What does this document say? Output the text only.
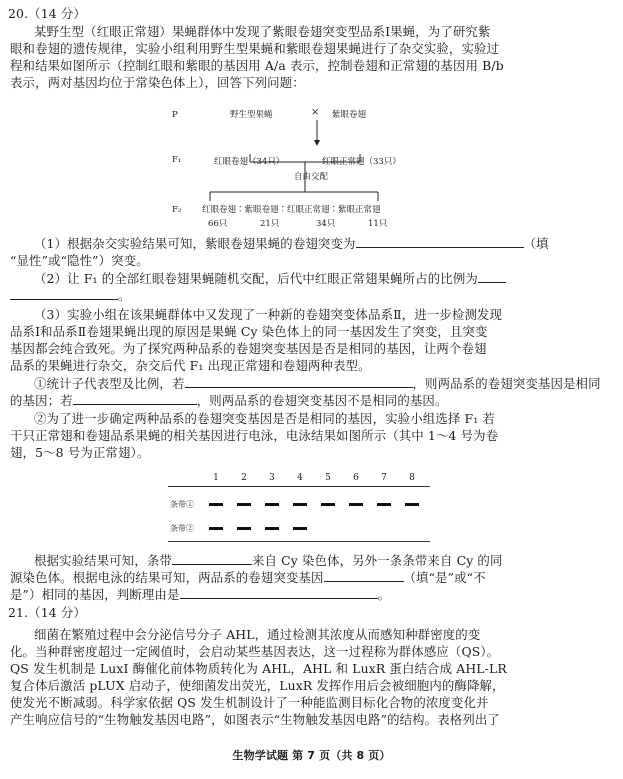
20.（14 分）
某野生型（红眼正常翅）果蝇群体中发现了紫眼卷翅突变型品系Ⅰ果蝇，为了研究紫
眼和卷翅的遗传规律，实验小组利用野生型果蝇和紫眼卷翅果蝇进行了杂交实验，实验过
程和结果如图所示（控制红眼和紫眼的基因用 A/a 表示，控制卷翅和正常翅的基因用 B/b
表示，两对基因均位于常染色体上），回答下列问题：
P	野生型果蝇	× 紫眼卷翅
F₁	红眼卷翅（34只）	红眼正常翅（33只）
自由交配
F₂ 红眼卷翅∶紫眼卷翅∶红眼正常翅∶紫眼正常翅
66只	21只	34只	11只
（1）根据杂交实验结果可知，紫眼卷翅果蝇的卷翅突变为	（填
“显性”或“隐性”）突变。
（2）让 F₁ 的全部红眼卷翅果蝇随机交配，后代中红眼正常翅果蝇所占的比例为
。
（3）实验小组在该果蝇群体中又发现了一种新的卷翅突变体品系Ⅱ，进一步检测发现
品系Ⅰ和品系Ⅱ卷翅果蝇出现的原因是果蝇 Cy 染色体上的同一基因发生了突变，且突变
基因都会纯合致死。为了探究两种品系的卷翅突变基因是否是相同的基因，让两个卷翅
品系的果蝇进行杂交，杂交后代 F₁ 出现正常翅和卷翅两种表型。
①统计子代表型及比例，若	，则两品系的卷翅突变基因是相同
的基因；若	，则两品系的卷翅突变基因不是相同的基因。
②为了进一步确定两种品系的卷翅突变基因是否是相同的基因，实验小组选择 F₁ 若
干只正常翅和卷翅品系果蝇的相关基因进行电泳，电泳结果如图所示（其中 1～4 号为卷
翅，5～8 号为正常翅）。
1	2	3	4	5	6	7	8
条带①
条带②
根据实验结果可知，条带	来自 Cy 染色体，另外一条条带来自 Cy 的同
源染色体。根据电泳的结果可知，两品系的卷翅突变基因	（填“是”或“不
是”）相同的基因，判断理由是	。
21.（14 分）
细菌在繁殖过程中会分泌信号分子 AHL，通过检测其浓度从而感知种群密度的变
化。当种群密度超过一定阈值时，会启动某些基因表达，这一过程称为群体感应（QS）。
QS 发生机制是 LuxI 酶催化前体物质转化为 AHL，AHL 和 LuxR 蛋白结合成 AHL-LR
复合体后激活 pLUX 启动子，使细菌发出荧光，LuxR 发挥作用后会被细胞内的酶降解，
使发光不断减弱。科学家依据 QS 发生机制设计了一种能监测目标化合物的浓度变化并
产生响应信号的“生物触发基因电路”，如图表示“生物触发基因电路”的结构。表格列出了
生物学试题 第 7 页（共 8 页）
